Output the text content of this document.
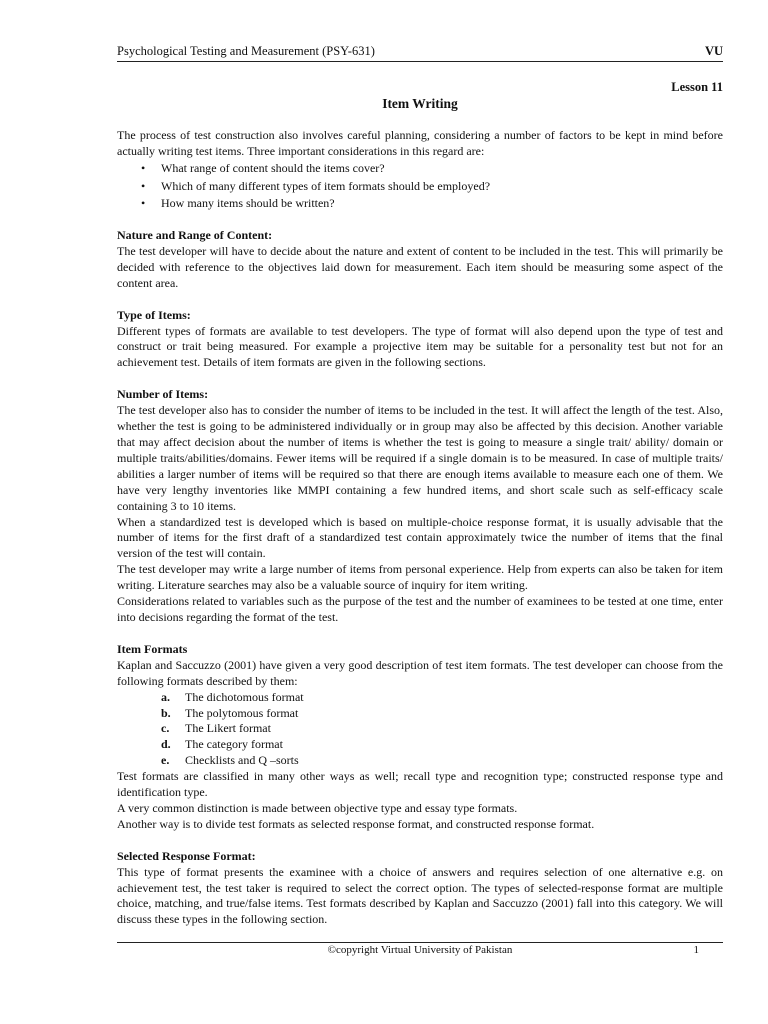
Psychological Testing and Measurement (PSY-631)	VU
Lesson 11
Item Writing

The process of test construction also involves careful planning, considering a number of factors to be kept in mind before actually writing test items. Three important considerations in this regard are:

• What range of content should the items cover?
• Which of many different types of item formats should be employed?
• How many items should be written?

Nature and Range of Content:

The test developer will have to decide about the nature and extent of content to be included in the test. This will primarily be decided with reference to the objectives laid down for measurement. Each item should be measuring some aspect of the content area.

Type of Items:

Different types of formats are available to test developers. The type of format will also depend upon the type of test and construct or trait being measured. For example a projective item may be suitable for a personality test but not for an achievement test. Details of item formats are given in the following sections.

Number of Items:

The test developer also has to consider the number of items to be included in the test. It will affect the length of the test. Also, whether the test is going to be administered individually or in group may also be affected by this decision. Another variable that may affect decision about the number of items is whether the test is going to measure a single trait/ ability/ domain or multiple traits/abilities/domains. Fewer items will be required if a single domain is to be measured. In case of multiple traits/ abilities a larger number of items will be required so that there are enough items available to measure each one of them. We have very lengthy inventories like MMPI containing a few hundred items, and short scale such as self-efficacy scale containing 3 to 10 items.

When a standardized test is developed which is based on multiple-choice response format, it is usually advisable that the number of items for the first draft of a standardized test contain approximately twice the number of items that the final version of the test will contain.

The test developer may write a large number of items from personal experience. Help from experts can also be taken for item writing. Literature searches may also be a valuable source of inquiry for item writing.

Considerations related to variables such as the purpose of the test and the number of examinees to be tested at one time, enter into decisions regarding the format of the test.

Item Formats

Kaplan and Saccuzzo (2001) have given a very good description of test item formats. The test developer can choose from the following formats described by them:

a. The dichotomous format
b. The polytomous format
c. The Likert format
d. The category format
e. Checklists and Q –sorts

Test formats are classified in many other ways as well; recall type and recognition type; constructed response type and identification type.

A very common distinction is made between objective type and essay type formats.

Another way is to divide test formats as selected response format, and constructed response format.

Selected Response Format:

This type of format presents the examinee with a choice of answers and requires selection of one alternative e.g. on achievement test, the test taker is required to select the correct option. The types of selected-response format are multiple choice, matching, and true/false items. Test formats described by Kaplan and Saccuzzo (2001) fall into this category. We will discuss these types in the following section.

©copyright Virtual University of Pakistan	1
